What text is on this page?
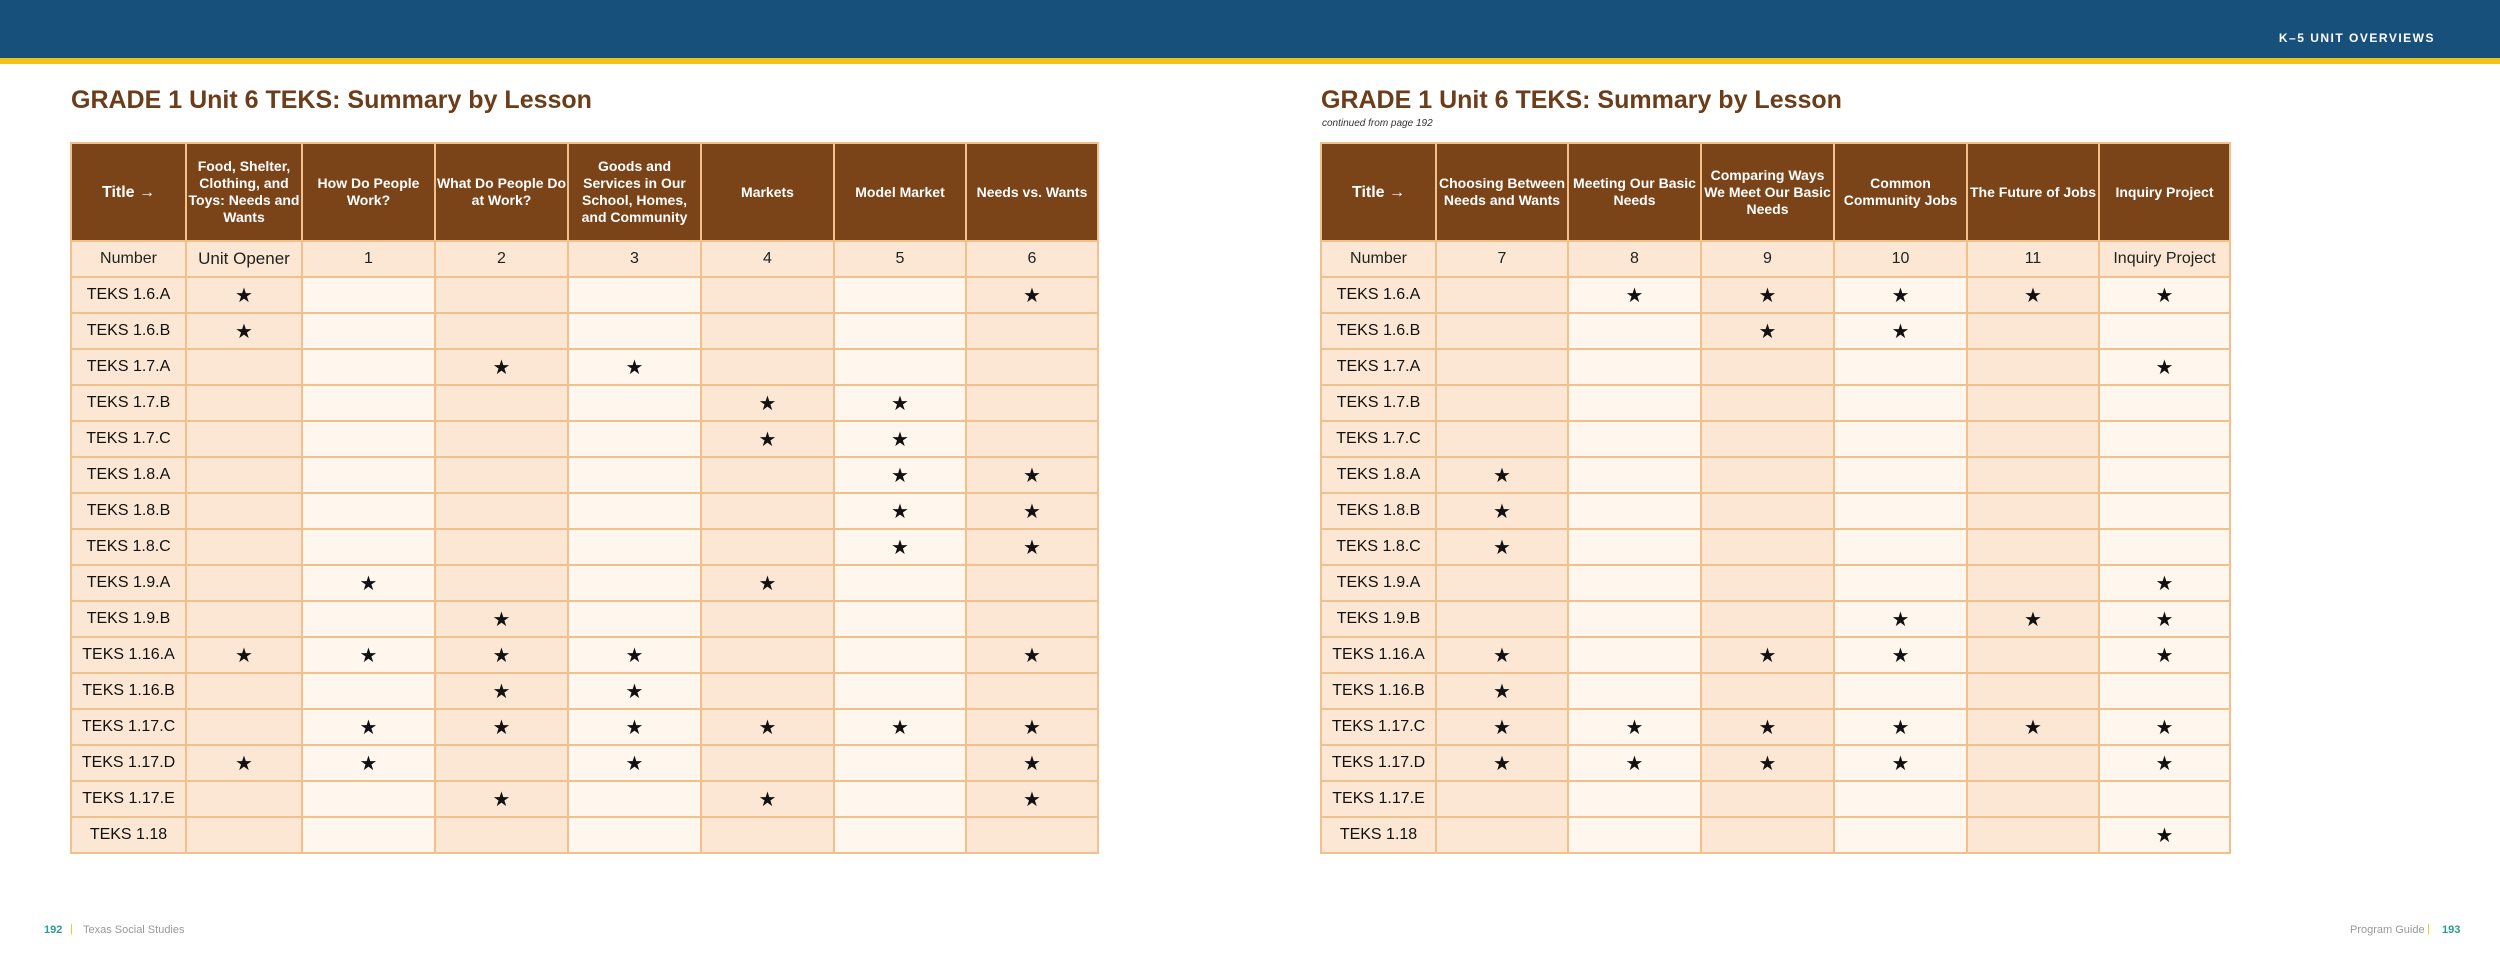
K–5 UNIT OVERVIEWS
GRADE 1 Unit 6 TEKS: Summary by Lesson	GRADE 1 Unit 6 TEKS: Summary by Lesson
continued from page 192
Title →	Food, Shelter, Clothing, and Toys: Needs and Wants	How Do People Work?	What Do People Do at Work?	Goods and Services in Our School, Homes, and Community	Markets	Model Market	Needs vs. Wants
Number	Unit Opener	1	2	3	4	5	6
TEKS 1.6.A	★						★
TEKS 1.6.B	★						
TEKS 1.7.A			★	★			
TEKS 1.7.B					★	★	
TEKS 1.7.C					★	★	
TEKS 1.8.A						★	★
TEKS 1.8.B						★	★
TEKS 1.8.C						★	★
TEKS 1.9.A		★			★		
TEKS 1.9.B			★				
TEKS 1.16.A	★	★	★	★			★
TEKS 1.16.B			★	★			
TEKS 1.17.C		★	★	★	★	★	★
TEKS 1.17.D	★	★		★			★
TEKS 1.17.E			★		★		★
TEKS 1.18							
Title →	Choosing Between Needs and Wants	Meeting Our Basic Needs	Comparing Ways We Meet Our Basic Needs	Common Community Jobs	The Future of Jobs	Inquiry Project
Number	7	8	9	10	11	Inquiry Project
TEKS 1.6.A		★	★	★	★	★
TEKS 1.6.B			★	★		
TEKS 1.7.A						★
TEKS 1.7.B						
TEKS 1.7.C						
TEKS 1.8.A	★					
TEKS 1.8.B	★					
TEKS 1.8.C	★					
TEKS 1.9.A						★
TEKS 1.9.B				★	★	★
TEKS 1.16.A	★		★	★		★
TEKS 1.16.B	★					
TEKS 1.17.C	★	★	★	★	★	★
TEKS 1.17.D	★	★	★	★		★
TEKS 1.17.E						
TEKS 1.18						★
192 | Texas Social Studies	Program Guide | 193
